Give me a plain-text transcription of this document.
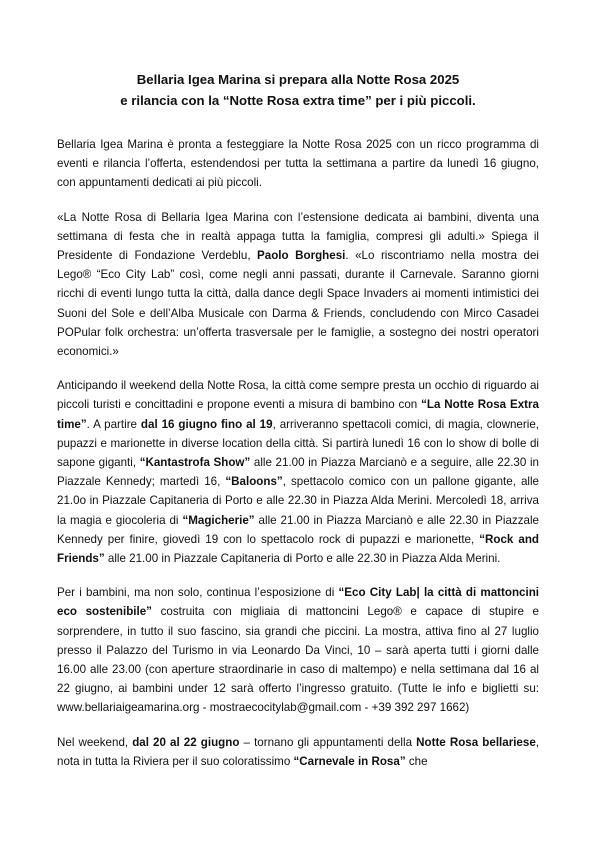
Bellaria Igea Marina si prepara alla Notte Rosa 2025
e rilancia con la “Notte Rosa extra time” per i più piccoli.

Bellaria Igea Marina è pronta a festeggiare la Notte Rosa 2025 con un ricco programma di eventi e rilancia l’offerta, estendendosi per tutta la settimana a partire da lunedì 16 giugno, con appuntamenti dedicati ai più piccoli.

«La Notte Rosa di Bellaria Igea Marina con l’estensione dedicata ai bambini, diventa una settimana di festa che in realtà appaga tutta la famiglia, compresi gli adulti.» Spiega il Presidente di Fondazione Verdeblu, Paolo Borghesi. «Lo riscontriamo nella mostra dei Lego® “Eco City Lab” così, come negli anni passati, durante il Carnevale. Saranno giorni ricchi di eventi lungo tutta la città, dalla dance degli Space Invaders ai momenti intimistici dei Suoni del Sole e dell’Alba Musicale con Darma & Friends, concludendo con Mirco Casadei POPular folk orchestra: un’offerta trasversale per le famiglie, a sostegno dei nostri operatori economici.»

Anticipando il weekend della Notte Rosa, la città come sempre presta un occhio di riguardo ai piccoli turisti e concittadini e propone eventi a misura di bambino con “La Notte Rosa Extra time”. A partire dal 16 giugno fino al 19, arriveranno spettacoli comici, di magia, clownerie, pupazzi e marionette in diverse location della città. Si partirà lunedì 16 con lo show di bolle di sapone giganti, “Kantastrofa Show” alle 21.00 in Piazza Marcianò e a seguire, alle 22.30 in Piazzale Kennedy; martedì 16, “Baloons”, spettacolo comico con un pallone gigante, alle 21.0o in Piazzale Capitaneria di Porto e alle 22.30 in Piazza Alda Merini. Mercoledì 18, arriva la magia e giocoleria di “Magicherie” alle 21.00 in Piazza Marcianò e alle 22.30 in Piazzale Kennedy per finire, giovedì 19 con lo spettacolo rock di pupazzi e marionette, “Rock and Friends” alle 21.00 in Piazzale Capitaneria di Porto e alle 22.30 in Piazza Alda Merini.

Per i bambini, ma non solo, continua l’esposizione di “Eco City Lab| la città di mattoncini eco sostenibile” costruita con migliaia di mattoncini Lego® e capace di stupire e sorprendere, in tutto il suo fascino, sia grandi che piccini. La mostra, attiva fino al 27 luglio presso il Palazzo del Turismo in via Leonardo Da Vinci, 10 – sarà aperta tutti i giorni dalle 16.00 alle 23.00 (con aperture straordinarie in caso di maltempo) e nella settimana dal 16 al 22 giugno, ai bambini under 12 sarà offerto l’ingresso gratuito. (Tutte le info e biglietti su: www.bellariaigeamarina.org - mostraecocitylab@gmail.com - +39 392 297 1662)

Nel weekend, dal 20 al 22 giugno – tornano gli appuntamenti della Notte Rosa bellariese, nota in tutta la Riviera per il suo coloratissimo “Carnevale in Rosa” che
